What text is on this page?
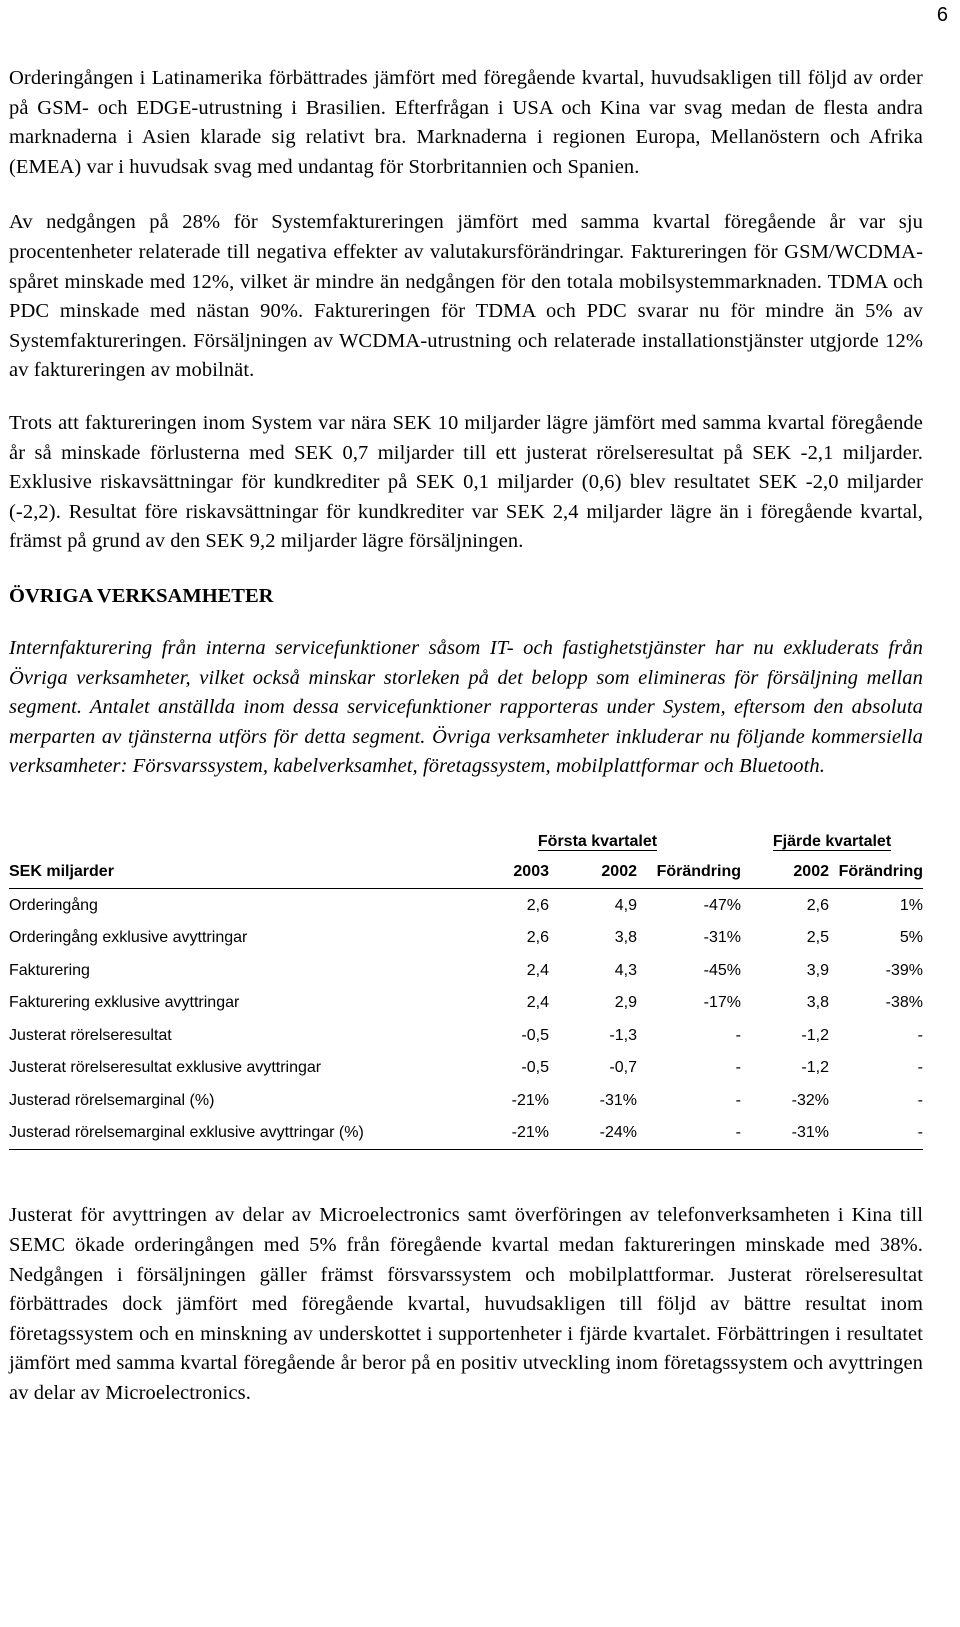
6

Orderingången i Latinamerika förbättrades jämfört med föregående kvartal, huvudsakligen till följd av order på GSM- och EDGE-utrustning i Brasilien. Efterfrågan i USA och Kina var svag medan de flesta andra marknaderna i Asien klarade sig relativt bra. Marknaderna i regionen Europa, Mellanöstern och Afrika (EMEA) var i huvudsak svag med undantag för Storbritannien och Spanien.

Av nedgången på 28% för Systemfaktureringen jämfört med samma kvartal föregående år var sju procentenheter relaterade till negativa effekter av valutakursförändringar. Faktureringen för GSM/WCDMA-spåret minskade med 12%, vilket är mindre än nedgången för den totala mobilsystemmarknaden. TDMA och PDC minskade med nästan 90%. Faktureringen för TDMA och PDC svarar nu för mindre än 5% av Systemfaktureringen. Försäljningen av WCDMA-utrustning och relaterade installationstjänster utgjorde 12% av faktureringen av mobilnät.

Trots att faktureringen inom System var nära SEK 10 miljarder lägre jämfört med samma kvartal föregående år så minskade förlusterna med SEK 0,7 miljarder till ett justerat rörelseresultat på SEK -2,1 miljarder. Exklusive riskavsättningar för kundkrediter på SEK 0,1 miljarder (0,6) blev resultatet SEK -2,0 miljarder (-2,2). Resultat före riskavsättningar för kundkrediter var SEK 2,4 miljarder lägre än i föregående kvartal, främst på grund av den SEK 9,2 miljarder lägre försäljningen.

ÖVRIGA VERKSAMHETER

Internfakturering från interna servicefunktioner såsom IT- och fastighetstjänster har nu exkluderats från Övriga verksamheter, vilket också minskar storleken på det belopp som elimineras för försäljning mellan segment. Antalet anställda inom dessa servicefunktioner rapporteras under System, eftersom den absoluta merparten av tjänsterna utförs för detta segment. Övriga verksamheter inkluderar nu följande kommersiella verksamheter: Försvarssystem, kabelverksamhet, företagssystem, mobilplattformar och Bluetooth.

	Första kvartalet			Fjärde kvartalet	
SEK miljarder	2003	2002	Förändring	2002	Förändring
Orderingång	2,6	4,9	-47%	2,6	1%
Orderingång exklusive avyttringar	2,6	3,8	-31%	2,5	5%
Fakturering	2,4	4,3	-45%	3,9	-39%
Fakturering exklusive avyttringar	2,4	2,9	-17%	3,8	-38%
Justerat rörelseresultat	-0,5	-1,3	-	-1,2	-
Justerat rörelseresultat exklusive avyttringar	-0,5	-0,7	-	-1,2	-
Justerad rörelsemarginal (%)	-21%	-31%	-	-32%	-
Justerad rörelsemarginal exklusive avyttringar (%)	-21%	-24%	-	-31%	-

Justerat för avyttringen av delar av Microelectronics samt överföringen av telefonverksamheten i Kina till SEMC ökade orderingången med 5% från föregående kvartal medan faktureringen minskade med 38%. Nedgången i försäljningen gäller främst försvarssystem och mobilplattformar. Justerat rörelseresultat förbättrades dock jämfört med föregående kvartal, huvudsakligen till följd av bättre resultat inom företagssystem och en minskning av underskottet i supportenheter i fjärde kvartalet. Förbättringen i resultatet jämfört med samma kvartal föregående år beror på en positiv utveckling inom företagssystem och avyttringen av delar av Microelectronics.
